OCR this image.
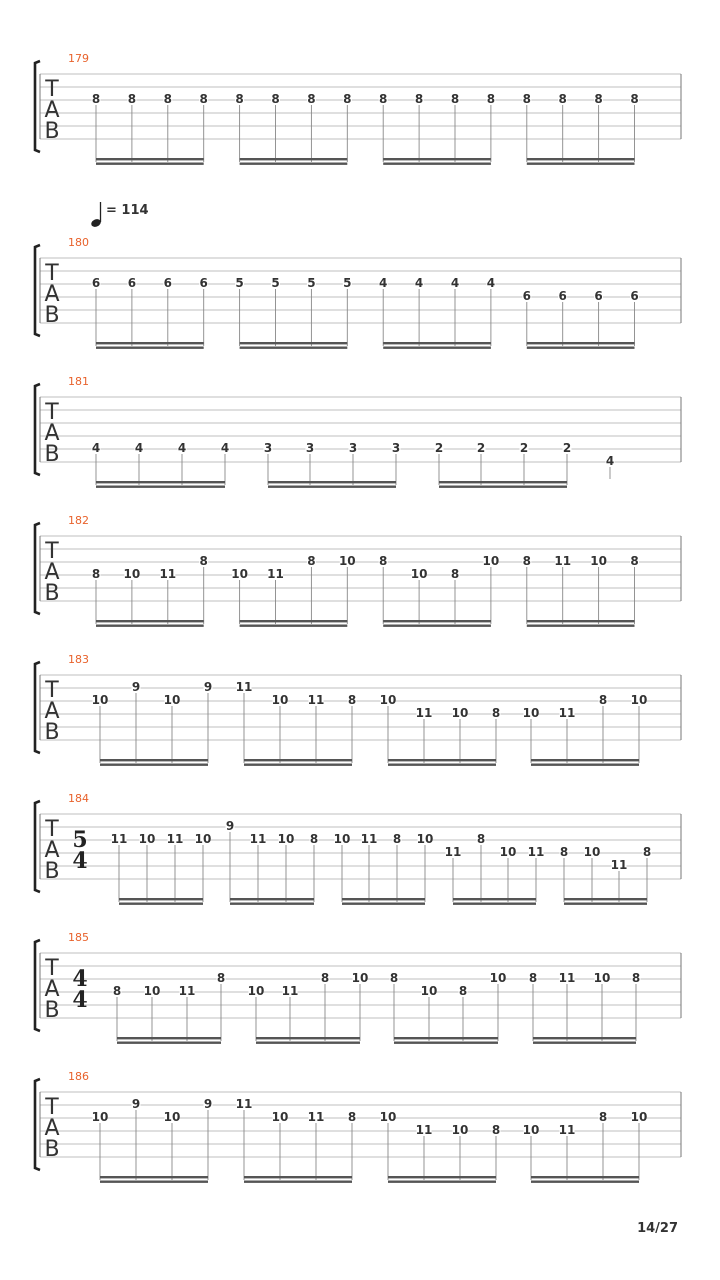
= 114
179
T
A
B
8 8 8 8 8 8 8 8 8 8 8 8 8 8 8 8
180
T
A
B
6 6 6 6 5 5 5 5 4 4 4 4
6 6 6 6
181
T
A
B	4	4	4	4	3	3	3	3	2	2	2	2
4
182
T
A
B
8 10 11
8
10 11
8 10 8
10 8
10 8 11 10 8
183
T
A
B
10
9
10
9 11
10 11 8 10
11 10 8 10 11
8 10
184
T
A
B
5
4
11 10 11 10
9
11 10 8 10 11 8 10
11
8
10 11 8 10
11
8
185
T
A
B
4
4 8 10 11
8
10 11
8 10 8
10 8
10 8 11 10 8
186
T
A
B
10
9
10
9 11
10 11 8 10
11 10 8 10 11
8 10
14/27
